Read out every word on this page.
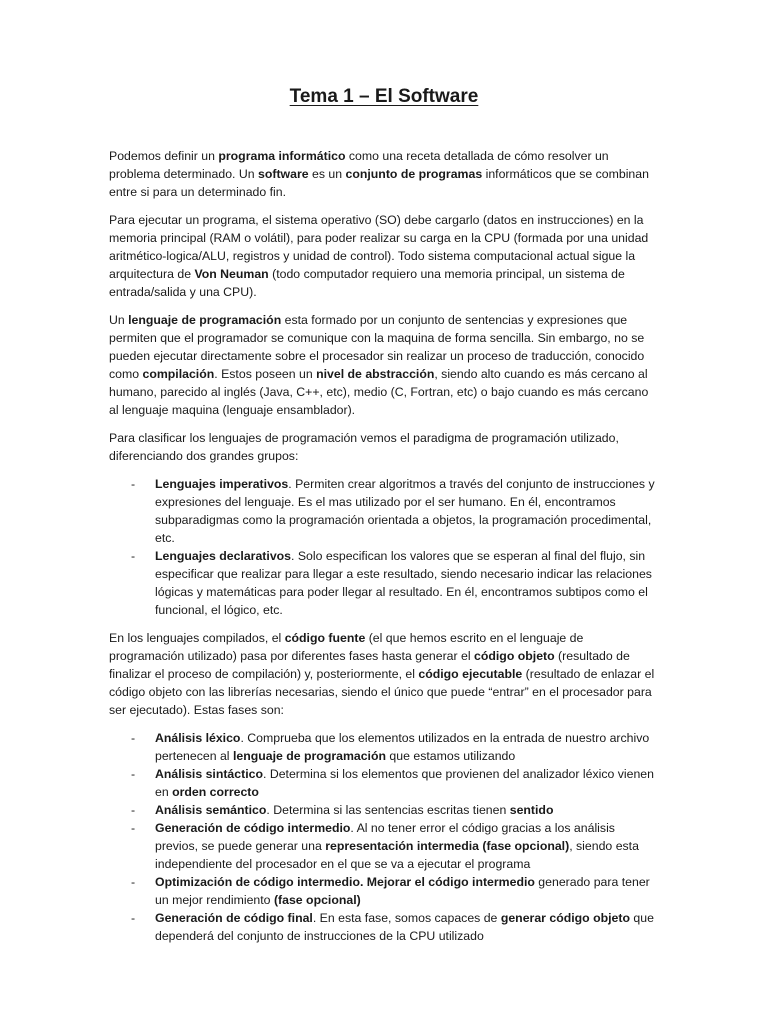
Tema 1 – El Software

Podemos definir un programa informático como una receta detallada de cómo resolver un problema determinado. Un software es un conjunto de programas informáticos que se combinan entre si para un determinado fin.

Para ejecutar un programa, el sistema operativo (SO) debe cargarlo (datos en instrucciones) en la memoria principal (RAM o volátil), para poder realizar su carga en la CPU (formada por una unidad aritmético-logica/ALU, registros y unidad de control). Todo sistema computacional actual sigue la arquitectura de Von Neuman (todo computador requiero una memoria principal, un sistema de entrada/salida y una CPU).

Un lenguaje de programación esta formado por un conjunto de sentencias y expresiones que permiten que el programador se comunique con la maquina de forma sencilla. Sin embargo, no se pueden ejecutar directamente sobre el procesador sin realizar un proceso de traducción, conocido como compilación. Estos poseen un nivel de abstracción, siendo alto cuando es más cercano al humano, parecido al inglés (Java, C++, etc), medio (C, Fortran, etc) o bajo cuando es más cercano al lenguaje maquina (lenguaje ensamblador).

Para clasificar los lenguajes de programación vemos el paradigma de programación utilizado, diferenciando dos grandes grupos:

- Lenguajes imperativos. Permiten crear algoritmos a través del conjunto de instrucciones y expresiones del lenguaje. Es el mas utilizado por el ser humano. En él, encontramos subparadigmas como la programación orientada a objetos, la programación procedimental, etc.
- Lenguajes declarativos. Solo especifican los valores que se esperan al final del flujo, sin especificar que realizar para llegar a este resultado, siendo necesario indicar las relaciones lógicas y matemáticas para poder llegar al resultado. En él, encontramos subtipos como el funcional, el lógico, etc.

En los lenguajes compilados, el código fuente (el que hemos escrito en el lenguaje de programación utilizado) pasa por diferentes fases hasta generar el código objeto (resultado de finalizar el proceso de compilación) y, posteriormente, el código ejecutable (resultado de enlazar el código objeto con las librerías necesarias, siendo el único que puede “entrar” en el procesador para ser ejecutado). Estas fases son:

- Análisis léxico. Comprueba que los elementos utilizados en la entrada de nuestro archivo pertenecen al lenguaje de programación que estamos utilizando
- Análisis sintáctico. Determina si los elementos que provienen del analizador léxico vienen en orden correcto
- Análisis semántico. Determina si las sentencias escritas tienen sentido
- Generación de código intermedio. Al no tener error el código gracias a los análisis previos, se puede generar una representación intermedia (fase opcional), siendo esta independiente del procesador en el que se va a ejecutar el programa
- Optimización de código intermedio. Mejorar el código intermedio generado para tener un mejor rendimiento (fase opcional)
- Generación de código final. En esta fase, somos capaces de generar código objeto que dependerá del conjunto de instrucciones de la CPU utilizado
